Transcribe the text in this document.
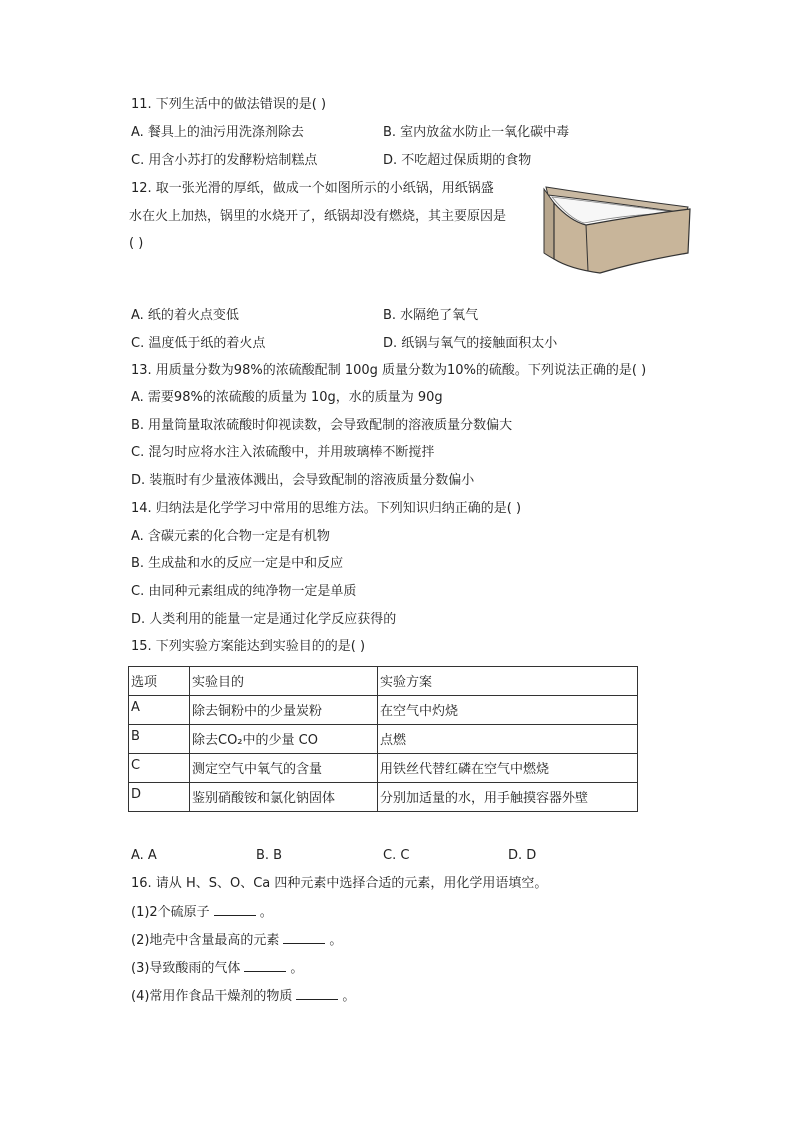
11. 下列生活中的做法错误的是( )
A. 餐具上的油污用洗涤剂除去	B. 室内放盆水防止一氧化碳中毒
C. 用含小苏打的发酵粉焙制糕点	D. 不吃超过保质期的食物
12. 取一张光滑的厚纸，做成一个如图所示的小纸锅，用纸锅盛
水在火上加热，锅里的水烧开了，纸锅却没有燃烧，其主要原因是
( )
A. 纸的着火点变低	B. 水隔绝了氧气
C. 温度低于纸的着火点	D. 纸锅与氧气的接触面积太小
13. 用质量分数为98%的浓硫酸配制 100g 质量分数为10%的硫酸。下列说法正确的是( )
A. 需要98%的浓硫酸的质量为 10g，水的质量为 90g
B. 用量筒量取浓硫酸时仰视读数，会导致配制的溶液质量分数偏大
C. 混匀时应将水注入浓硫酸中，并用玻璃棒不断搅拌
D. 装瓶时有少量液体溅出，会导致配制的溶液质量分数偏小
14. 归纳法是化学学习中常用的思维方法。下列知识归纳正确的是( )
A. 含碳元素的化合物一定是有机物
B. 生成盐和水的反应一定是中和反应
C. 由同种元素组成的纯净物一定是单质
D. 人类利用的能量一定是通过化学反应获得的
15. 下列实验方案能达到实验目的的是( )
选项	实验目的	实验方案
A	除去铜粉中的少量炭粉	在空气中灼烧
B	除去CO₂中的少量 CO	点燃
C	测定空气中氧气的含量	用铁丝代替红磷在空气中燃烧
D	鉴别硝酸铵和氯化钠固体	分别加适量的水，用手触摸容器外壁
A. A	B. B	C. C	D. D
16. 请从 H、S、O、Ca 四种元素中选择合适的元素，用化学用语填空。
(1)2个硫原子	。
(2)地壳中含量最高的元素	。
(3)导致酸雨的气体	。
(4)常用作食品干燥剂的物质	。
